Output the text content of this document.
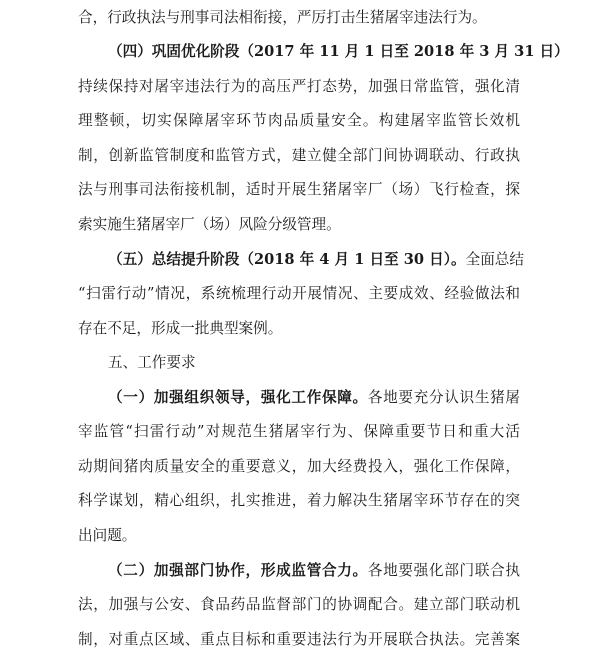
合，行政执法与刑事司法相衔接，严厉打击生猪屠宰违法行为。
（四）巩固优化阶段（2017 年 11 月 1 日至 2018 年 3 月 31 日）
持续保持对屠宰违法行为的高压严打态势，加强日常监管，强化清
理整顿，切实保障屠宰环节肉品质量安全。构建屠宰监管长效机
制，创新监管制度和监管方式，建立健全部门间协调联动、行政执
法与刑事司法衔接机制，适时开展生猪屠宰厂（场）飞行检查，探
索实施生猪屠宰厂（场）风险分级管理。
（五）总结提升阶段（2018 年 4 月 1 日至 30 日）。全面总结
“扫雷行动”情况，系统梳理行动开展情况、主要成效、经验做法和
存在不足，形成一批典型案例。
五、工作要求
（一）加强组织领导，强化工作保障。各地要充分认识生猪屠
宰监管“扫雷行动”对规范生猪屠宰行为、保障重要节日和重大活
动期间猪肉质量安全的重要意义，加大经费投入，强化工作保障，
科学谋划，精心组织，扎实推进，着力解决生猪屠宰环节存在的突
出问题。
（二）加强部门协作，形成监管合力。各地要强化部门联合执
法，加强与公安、食品药品监督部门的协调配合。建立部门联动机
制，对重点区域、重点目标和重要违法行为开展联合执法。完善案
